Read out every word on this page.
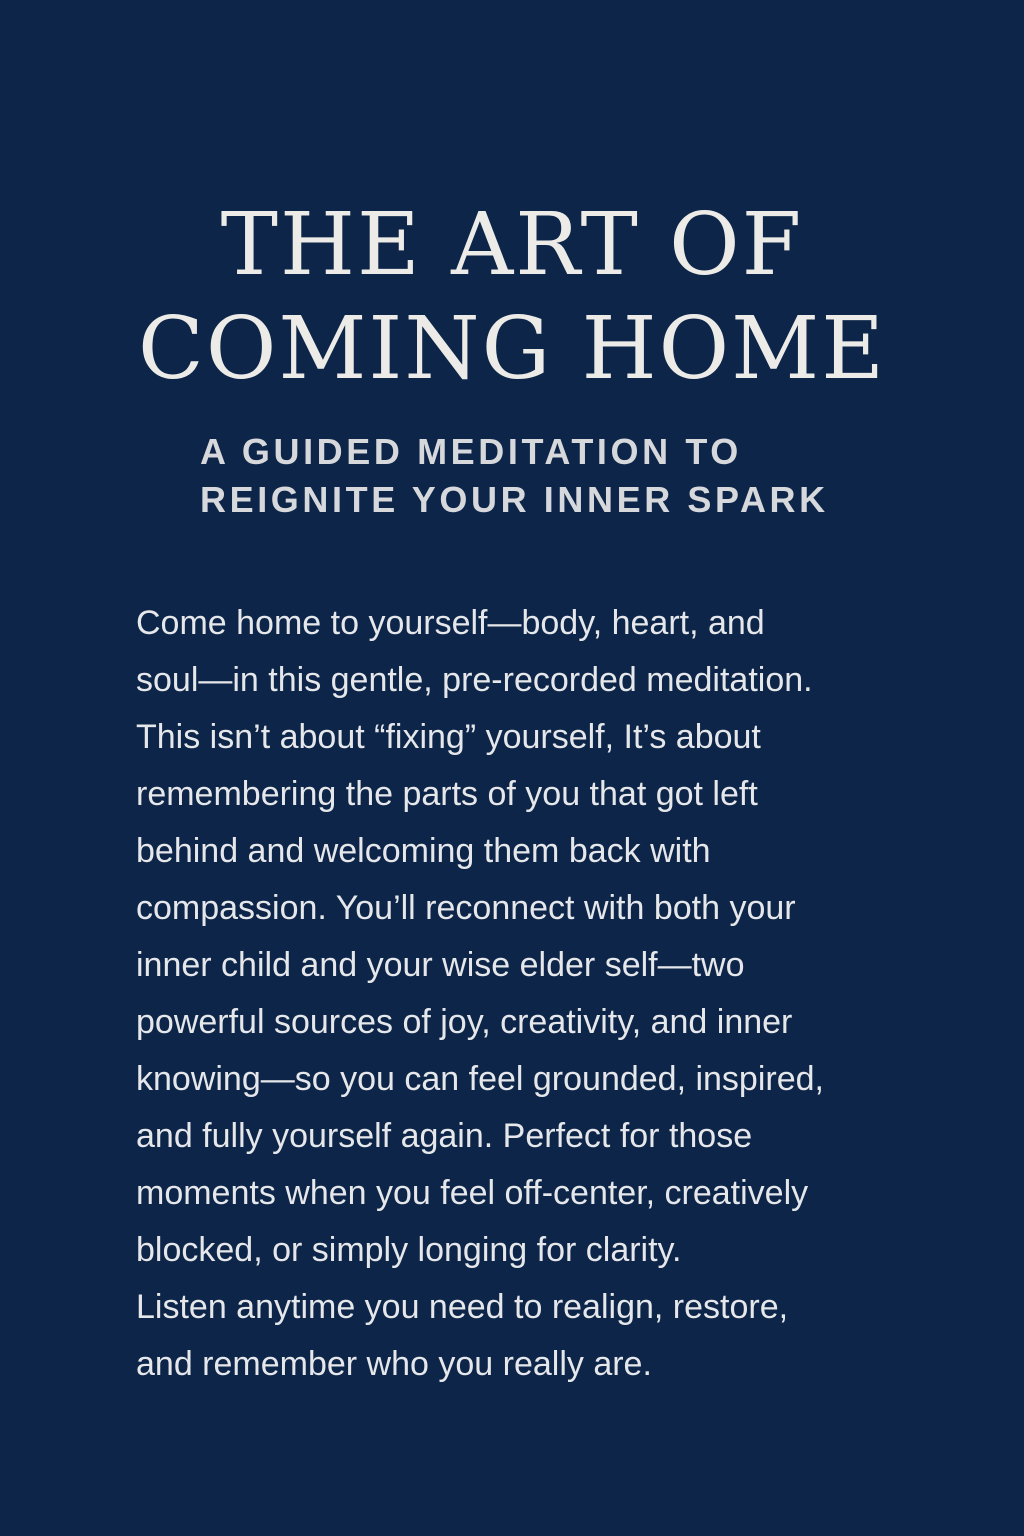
THE ART OF
COMING HOME
A GUIDED MEDITATION TO
REIGNITE YOUR INNER SPARK

Come home to yourself—body, heart, and
soul—in this gentle, pre-recorded meditation.
This isn’t about “fixing” yourself, It’s about
remembering the parts of you that got left
behind and welcoming them back with
compassion. You’ll reconnect with both your
inner child and your wise elder self—two
powerful sources of joy, creativity, and inner
knowing—so you can feel grounded, inspired,
and fully yourself again. Perfect for those
moments when you feel off-center, creatively
blocked, or simply longing for clarity.
Listen anytime you need to realign, restore,
and remember who you really are.
